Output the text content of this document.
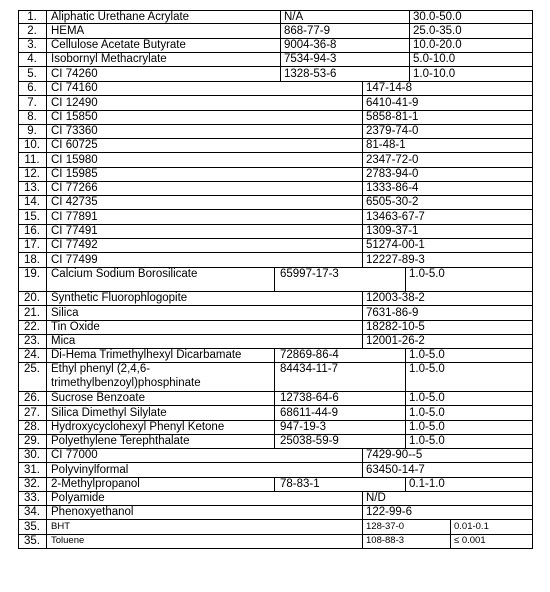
1.	Aliphatic Urethane Acrylate	N/A	30.0-50.0
2.	HEMA	868-77-9	25.0-35.0
3.	Cellulose Acetate Butyrate	9004-36-8	10.0-20.0
4.	Isobornyl Methacrylate	7534-94-3	5.0-10.0
5.	CI 74260	1328-53-6	1.0-10.0
6.	CI 74160	147-14-8
7.	CI 12490	6410-41-9
8.	CI 15850	5858-81-1
9.	CI 73360	2379-74-0
10. CI 60725	81-48-1
11. CI 15980	2347-72-0
12. CI 15985	2783-94-0
13. CI 77266	1333-86-4
14. CI 42735	6505-30-2
15. CI 77891	13463-67-7
16. CI 77491	1309-37-1
17. CI 77492	51274-00-1
18. CI 77499	12227-89-3
19. Calcium Sodium Borosilicate	65997-17-3	1.0-5.0
20. Synthetic Fluorophlogopite	12003-38-2
21. Silica	7631-86-9
22. Tin Oxide	18282-10-5
23. Mica	12001-26-2
24. Di-Hema Trimethylhexyl Dicarbamate	72869-86-4	1.0-5.0
25. Ethyl phenyl (2,4,6-
trimethylbenzoyl)phosphinate
84434-11-7	1.0-5.0
26. Sucrose Benzoate	12738-64-6	1.0-5.0
27. Silica Dimethyl Silylate	68611-44-9	1.0-5.0
28. Hydroxycyclohexyl Phenyl Ketone	947-19-3	1.0-5.0
29. Polyethylene Terephthalate	25038-59-9	1.0-5.0
30. CI 77000	7429-90--5
31. Polyvinylformal	63450-14-7
32. 2-Methylpropanol	78-83-1	0.1-1.0
33. Polyamide	N/D
34. Phenoxyethanol	122-99-6
35.	BHT	128-37-0	0.01-0.1
35.	Toluene	108-88-3	≤ 0.001
